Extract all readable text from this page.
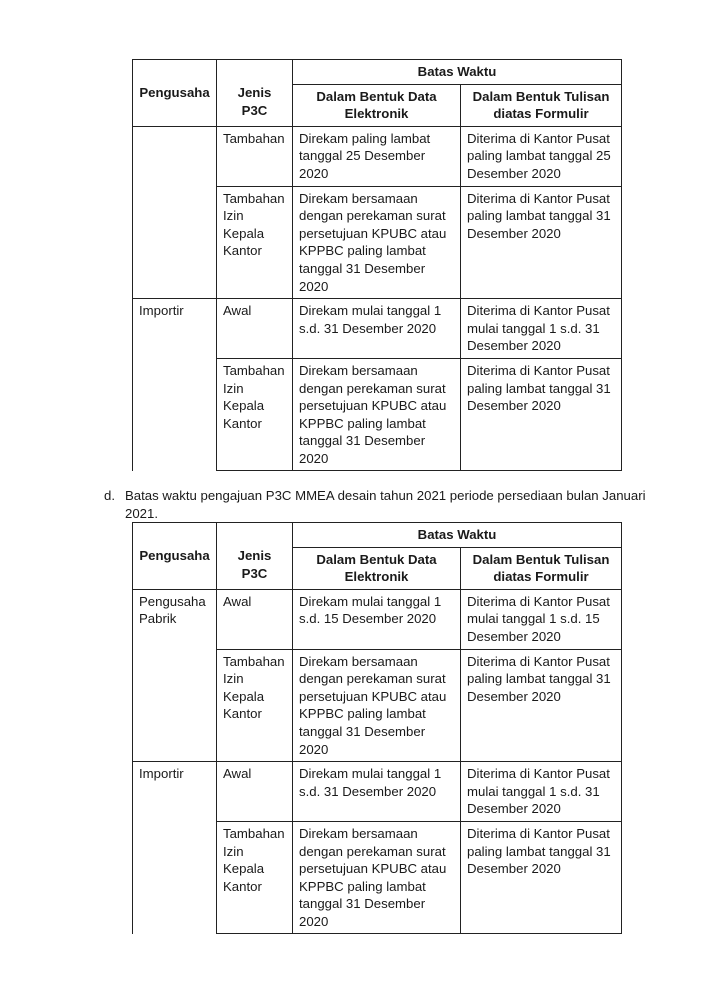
Pengusaha	Jenis P3C	Batas Waktu	
		Dalam Bentuk Data Elektronik	Dalam Bentuk Tulisan diatas Formulir
	Tambahan	Direkam paling lambat tanggal 25 Desember 2020	Diterima di Kantor Pusat paling lambat tanggal 25 Desember 2020
	Tambahan Izin Kepala Kantor	Direkam bersamaan dengan perekaman surat persetujuan KPUBC atau KPPBC paling lambat tanggal 31 Desember 2020	Diterima di Kantor Pusat paling lambat tanggal 31 Desember 2020
Importir	Awal	Direkam mulai tanggal 1 s.d. 31 Desember 2020	Diterima di Kantor Pusat mulai tanggal 1 s.d. 31 Desember 2020
	Tambahan Izin Kepala Kantor	Direkam bersamaan dengan perekaman surat persetujuan KPUBC atau KPPBC paling lambat tanggal 31 Desember 2020	Diterima di Kantor Pusat paling lambat tanggal 31 Desember 2020
d. Batas waktu pengajuan P3C MMEA desain tahun 2021 periode persediaan bulan Januari 2021.
Pengusaha	Jenis P3C	Batas Waktu	
		Dalam Bentuk Data Elektronik	Dalam Bentuk Tulisan diatas Formulir
Pengusaha Pabrik	Awal	Direkam mulai tanggal 1 s.d. 15 Desember 2020	Diterima di Kantor Pusat mulai tanggal 1 s.d. 15 Desember 2020
	Tambahan Izin Kepala Kantor	Direkam bersamaan dengan perekaman surat persetujuan KPUBC atau KPPBC paling lambat tanggal 31 Desember 2020	Diterima di Kantor Pusat paling lambat tanggal 31 Desember 2020
Importir	Awal	Direkam mulai tanggal 1 s.d. 31 Desember 2020	Diterima di Kantor Pusat mulai tanggal 1 s.d. 31 Desember 2020
	Tambahan Izin Kepala Kantor	Direkam bersamaan dengan perekaman surat persetujuan KPUBC atau KPPBC paling lambat tanggal 31 Desember 2020	Diterima di Kantor Pusat paling lambat tanggal 31 Desember 2020
